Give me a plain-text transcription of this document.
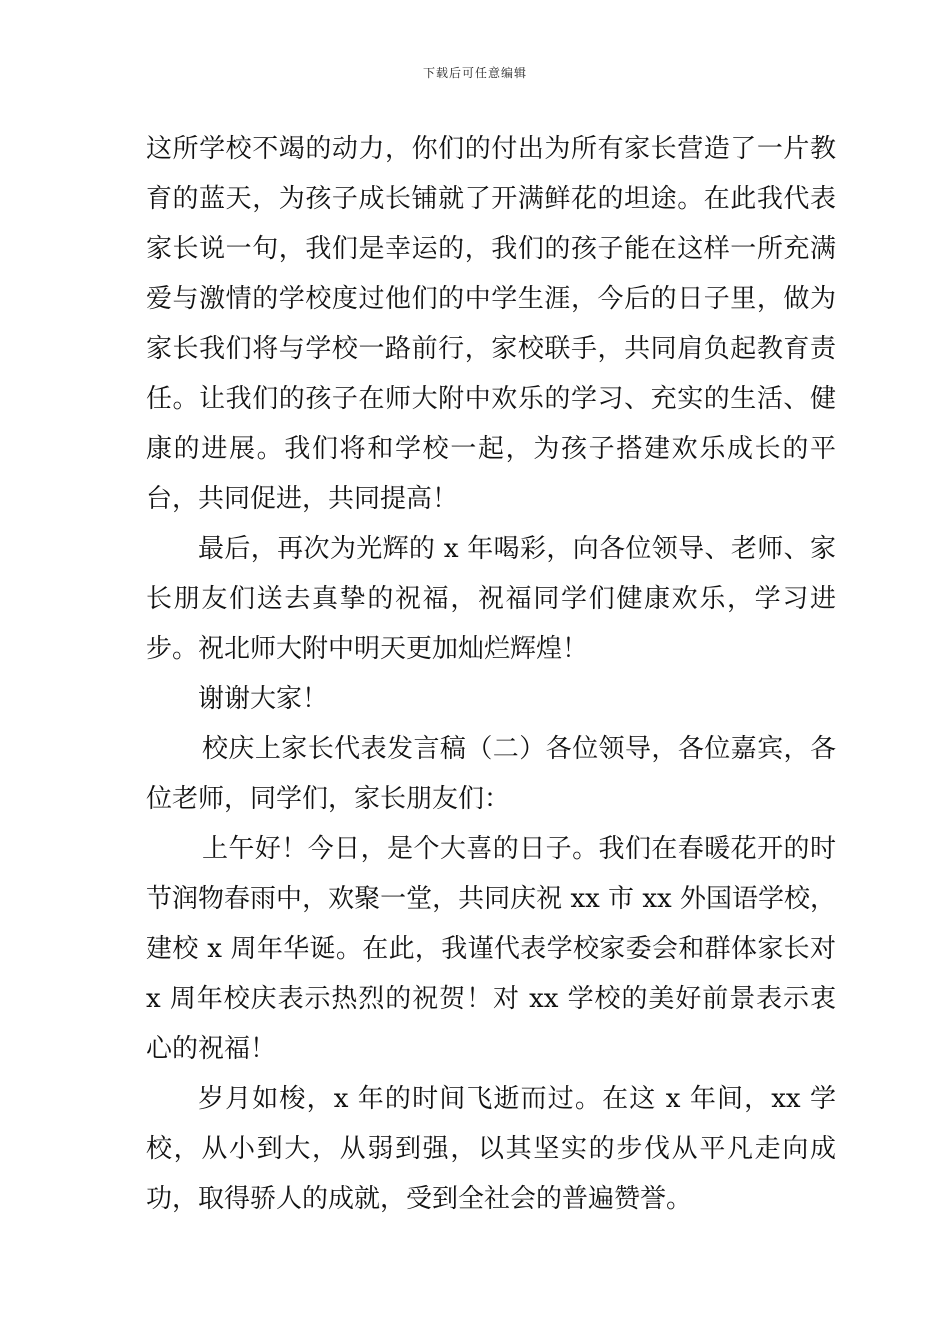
下载后可任意编辑

这所学校不竭的动力，你们的付出为所有家长营造了一片教育的蓝天，为孩子成长铺就了开满鲜花的坦途。在此我代表家长说一句，我们是幸运的，我们的孩子能在这样一所充满爱与激情的学校度过他们的中学生涯，今后的日子里，做为家长我们将与学校一路前行，家校联手，共同肩负起教育责任。让我们的孩子在师大附中欢乐的学习、充实的生活、健康的进展。我们将和学校一起，为孩子搭建欢乐成长的平台，共同促进，共同提高！

最后，再次为光辉的 x 年喝彩，向各位领导、老师、家长朋友们送去真挚的祝福，祝福同学们健康欢乐，学习进步。祝北师大附中明天更加灿烂辉煌！

谢谢大家！

校庆上家长代表发言稿（二）各位领导，各位嘉宾，各位老师，同学们，家长朋友们：

上午好！今日，是个大喜的日子。我们在春暖花开的时节润物春雨中，欢聚一堂，共同庆祝 xx 市 xx 外国语学校，建校 x 周年华诞。在此，我谨代表学校家委会和群体家长对 x 周年校庆表示热烈的祝贺！对 xx 学校的美好前景表示衷心的祝福！

岁月如梭，x 年的时间飞逝而过。在这 x 年间，xx 学校，从小到大，从弱到强，以其坚实的步伐从平凡走向成功，取得骄人的成就，受到全社会的普遍赞誉。
